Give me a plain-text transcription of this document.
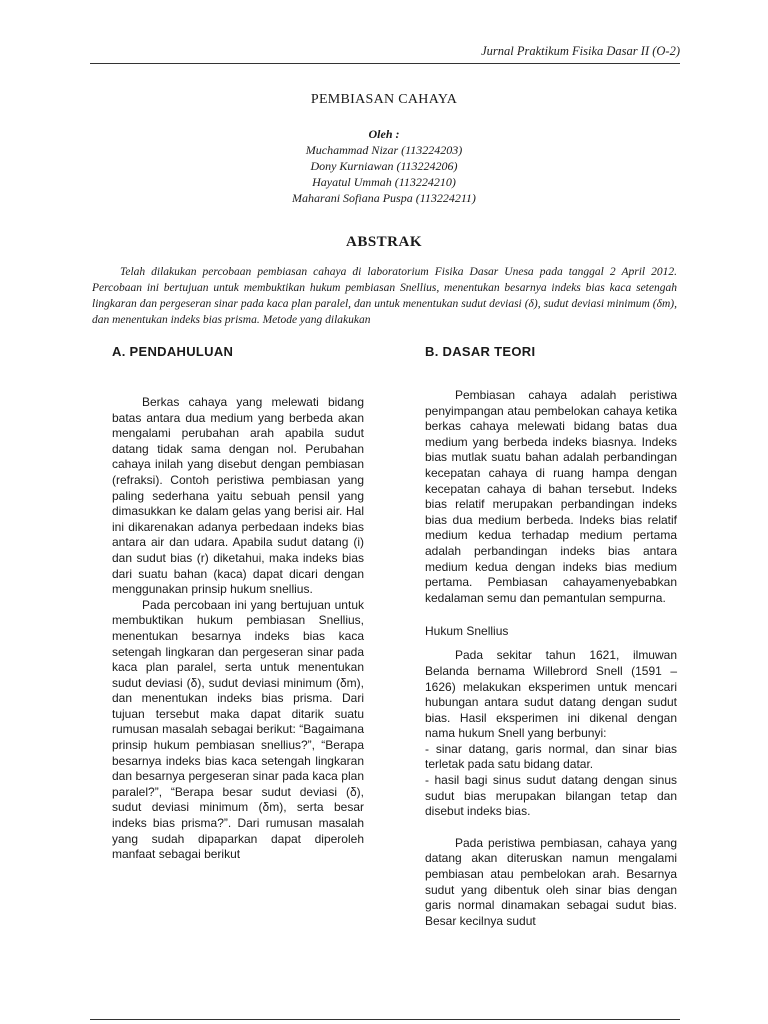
Jurnal Praktikum Fisika Dasar II (O-2)
PEMBIASAN CAHAYA
Oleh :
Muchammad Nizar (113224203)
Dony Kurniawan (113224206)
Hayatul Ummah (113224210)
Maharani Sofiana Puspa (113224211)
ABSTRAK

Telah dilakukan percobaan pembiasan cahaya di laboratorium Fisika Dasar Unesa pada tanggal 2 April 2012. Percobaan ini bertujuan untuk membuktikan hukum pembiasan Snellius, menentukan besarnya indeks bias kaca setengah lingkaran dan pergeseran sinar pada kaca plan paralel, dan untuk menentukan sudut deviasi (δ), sudut deviasi minimum (δm), dan menentukan indeks bias prisma. Metode yang dilakukan

A. PENDAHULUAN

Berkas cahaya yang melewati bidang batas antara dua medium yang berbeda akan mengalami perubahan arah apabila sudut datang tidak sama dengan nol. Perubahan cahaya inilah yang disebut dengan pembiasan (refraksi). Contoh peristiwa pembiasan yang paling sederhana yaitu sebuah pensil yang dimasukkan ke dalam gelas yang berisi air. Hal ini dikarenakan adanya perbedaan indeks bias antara air dan udara. Apabila sudut datang (i) dan sudut bias (r) diketahui, maka indeks bias dari suatu bahan (kaca) dapat dicari dengan menggunakan prinsip hukum snellius.

Pada percobaan ini yang bertujuan untuk membuktikan hukum pembiasan Snellius, menentukan besarnya indeks bias kaca setengah lingkaran dan pergeseran sinar pada kaca plan paralel, serta untuk menentukan sudut deviasi (δ), sudut deviasi minimum (δm), dan menentukan indeks bias prisma. Dari tujuan tersebut maka dapat ditarik suatu rumusan masalah sebagai berikut: “Bagaimana prinsip hukum pembiasan snellius?”, “Berapa besarnya indeks bias kaca setengah lingkaran dan besarnya pergeseran sinar pada kaca plan paralel?”, “Berapa besar sudut deviasi (δ), sudut deviasi minimum (δm), serta besar indeks bias prisma?”. Dari rumusan masalah yang sudah dipaparkan dapat diperoleh manfaat sebagai berikut

B. DASAR TEORI

Pembiasan cahaya adalah peristiwa penyimpangan atau pembelokan cahaya ketika berkas cahaya melewati bidang batas dua medium yang berbeda indeks biasnya. Indeks bias mutlak suatu bahan adalah perbandingan kecepatan cahaya di ruang hampa dengan kecepatan cahaya di bahan tersebut. Indeks bias relatif merupakan perbandingan indeks bias dua medium berbeda. Indeks bias relatif medium kedua terhadap medium pertama adalah perbandingan indeks bias antara medium kedua dengan indeks bias medium pertama. Pembiasan cahayamenyebabkan kedalaman semu dan pemantulan sempurna.

Hukum Snellius

Pada sekitar tahun 1621, ilmuwan Belanda bernama Willebrord Snell (1591 – 1626) melakukan eksperimen untuk mencari hubungan antara sudut datang dengan sudut bias. Hasil eksperimen ini dikenal dengan nama hukum Snell yang berbunyi:

- sinar datang, garis normal, dan sinar bias terletak pada satu bidang datar.

- hasil bagi sinus sudut datang dengan sinus sudut bias merupakan bilangan tetap dan disebut indeks bias.

Pada peristiwa pembiasan, cahaya yang datang akan diteruskan namun mengalami pembiasan atau pembelokan arah. Besarnya sudut yang dibentuk oleh sinar bias dengan garis normal dinamakan sebagai sudut bias. Besar kecilnya sudut
